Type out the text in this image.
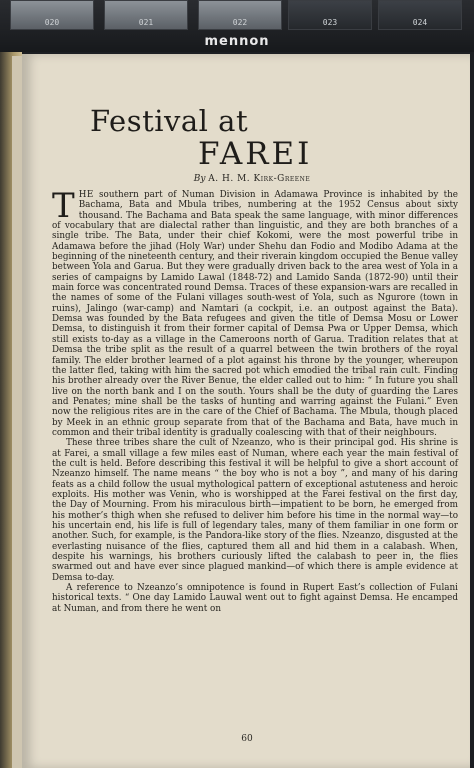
020	021	022	023	024
mennon
Festival at
FAREI
By A. H. M. Kirk-Greene

THE southern part of Numan Division in Adamawa Province is inhabited by the Bachama, Bata and Mbula tribes, numbering at the 1952 Census about sixty thousand. The Bachama and Bata speak the same language, with minor differences of vocabulary that are dialectal rather than linguistic, and they are both branches of a single tribe. The Bata, under their chief Kokomi, were the most powerful tribe in Adamawa before the jihad (Holy War) under Shehu dan Fodio and Modibo Adama at the beginning of the nineteenth century, and their riverain kingdom occupied the Benue valley between Yola and Garua. But they were gradually driven back to the area west of Yola in a series of campaigns by Lamido Lawal (1848-72) and Lamido Sanda (1872-90) until their main force was concentrated round Demsa. Traces of these expansion-wars are recalled in the names of some of the Fulani villages south-west of Yola, such as Ngurore (town in ruins), Jalingo (war-camp) and Namtari (a cockpit, i.e. an outpost against the Bata). Demsa was founded by the Bata refugees and given the title of Demsa Mosu or Lower Demsa, to distinguish it from their former capital of Demsa Pwa or Upper Demsa, which still exists to-day as a village in the Cameroons north of Garua. Tradition relates that at Demsa the tribe split as the result of a quarrel between the twin brothers of the royal family. The elder brother learned of a plot against his throne by the younger, whereupon the latter fled, taking with him the sacred pot which emodied the tribal rain cult. Finding his brother already over the River Benue, the elder called out to him: “ In future you shall live on the north bank and I on the south. Yours shall be the duty of guarding the Lares and Penates; mine shall be the tasks of hunting and warring against the Fulani.” Even now the religious rites are in the care of the Chief of Bachama. The Mbula, though placed by Meek in an ethnic group separate from that of the Bachama and Bata, have much in common and their tribal identity is gradually coalescing with that of their neighbours.

These three tribes share the cult of Nzeanzo, who is their principal god. His shrine is at Farei, a small village a few miles east of Numan, where each year the main festival of the cult is held. Before describing this festival it will be helpful to give a short account of Nzeanzo himself. The name means “ the boy who is not a boy ”, and many of his daring feats as a child follow the usual mythological pattern of exceptional astuteness and heroic exploits. His mother was Venin, who is worshipped at the Farei festival on the first day, the Day of Mourning. From his miraculous birth—impatient to be born, he emerged from his mother’s thigh when she refused to deliver him before his time in the normal way—to his uncertain end, his life is full of legendary tales, many of them familiar in one form or another. Such, for example, is the Pandora-like story of the flies. Nzeanzo, disgusted at the everlasting nuisance of the flies, captured them all and hid them in a calabash. When, despite his warnings, his brothers curiously lifted the calabash to peer in, the flies swarmed out and have ever since plagued mankind—of which there is ample evidence at Demsa to-day.

A reference to Nzeanzo’s omnipotence is found in Rupert East’s collection of Fulani historical texts. “ One day Lamido Lauwal went out to fight against Demsa. He encamped at Numan, and from there he went on

60
